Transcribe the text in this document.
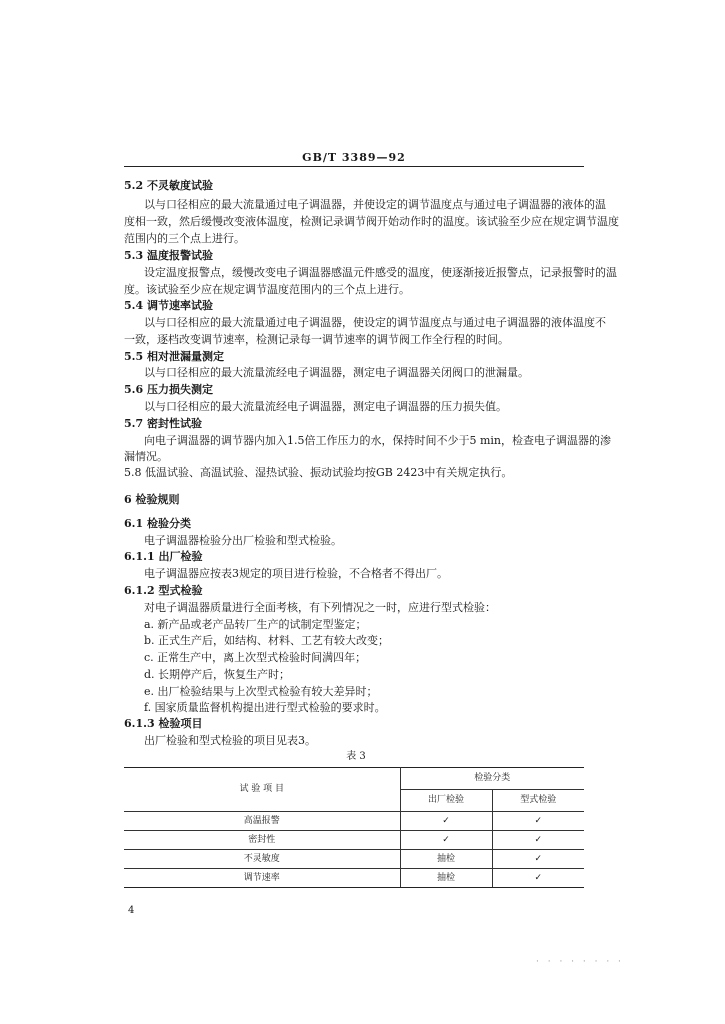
GB/T 3389—92
5.2 不灵敏度试验
以与口径相应的最大流量通过电子调温器，并使设定的调节温度点与通过电子调温器的液体的温
度相一致，然后缓慢改变液体温度，检测记录调节阀开始动作时的温度。该试验至少应在规定调节温度
范围内的三个点上进行。
5.3 温度报警试验
设定温度报警点，缓慢改变电子调温器感温元件感受的温度，使逐渐接近报警点，记录报警时的温
度。该试验至少应在规定调节温度范围内的三个点上进行。
5.4 调节速率试验
以与口径相应的最大流量通过电子调温器，使设定的调节温度点与通过电子调温器的液体温度不
一致，逐档改变调节速率，检测记录每一调节速率的调节阀工作全行程的时间。
5.5 相对泄漏量测定
以与口径相应的最大流量流经电子调温器，测定电子调温器关闭阀口的泄漏量。
5.6 压力损失测定
以与口径相应的最大流量流经电子调温器，测定电子调温器的压力损失值。
5.7 密封性试验
向电子调温器的调节器内加入1.5倍工作压力的水，保持时间不少于5 min，检查电子调温器的渗
漏情况。
5.8 低温试验、高温试验、湿热试验、振动试验均按GB 2423中有关规定执行。
6 检验规则
6.1 检验分类
电子调温器检验分出厂检验和型式检验。
6.1.1 出厂检验
电子调温器应按表3规定的项目进行检验，不合格者不得出厂。
6.1.2 型式检验
对电子调温器质量进行全面考核，有下列情况之一时，应进行型式检验：
a. 新产品或老产品转厂生产的试制定型鉴定；
b. 正式生产后，如结构、材料、工艺有较大改变；
c. 正常生产中，离上次型式检验时间满四年；
d. 长期停产后，恢复生产时；
e. 出厂检验结果与上次型式检验有较大差异时；
f. 国家质量监督机构提出进行型式检验的要求时。
6.1.3 检验项目
出厂检验和型式检验的项目见表3。
表 3
试 验 项 目	检验分类	
	出厂检验	型式检验
高温报警	✓	✓
密封性	✓	✓
不灵敏度	抽检	✓
调节速率	抽检	✓
4
· · · · · · · ·
